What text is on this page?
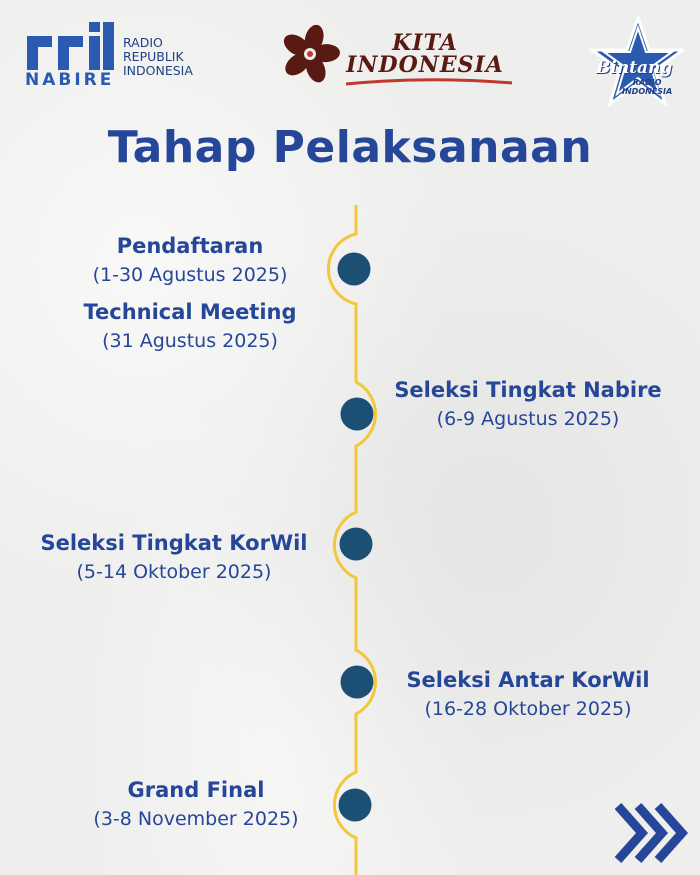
NABIRE
RADIO
REPUBLIK
INDONESIA
KITA
INDONESIA	Bintang
RADIO
INDONESIA
Tahap Pelaksanaan
Pendaftaran
(1-30 Agustus 2025)
Technical Meeting
(31 Agustus 2025)
Seleksi Tingkat Nabire
(6-9 Agustus 2025)
Seleksi Tingkat KorWil
(5-14 Oktober 2025)
Seleksi Antar KorWil
(16-28 Oktober 2025)
Grand Final
(3-8 November 2025)
